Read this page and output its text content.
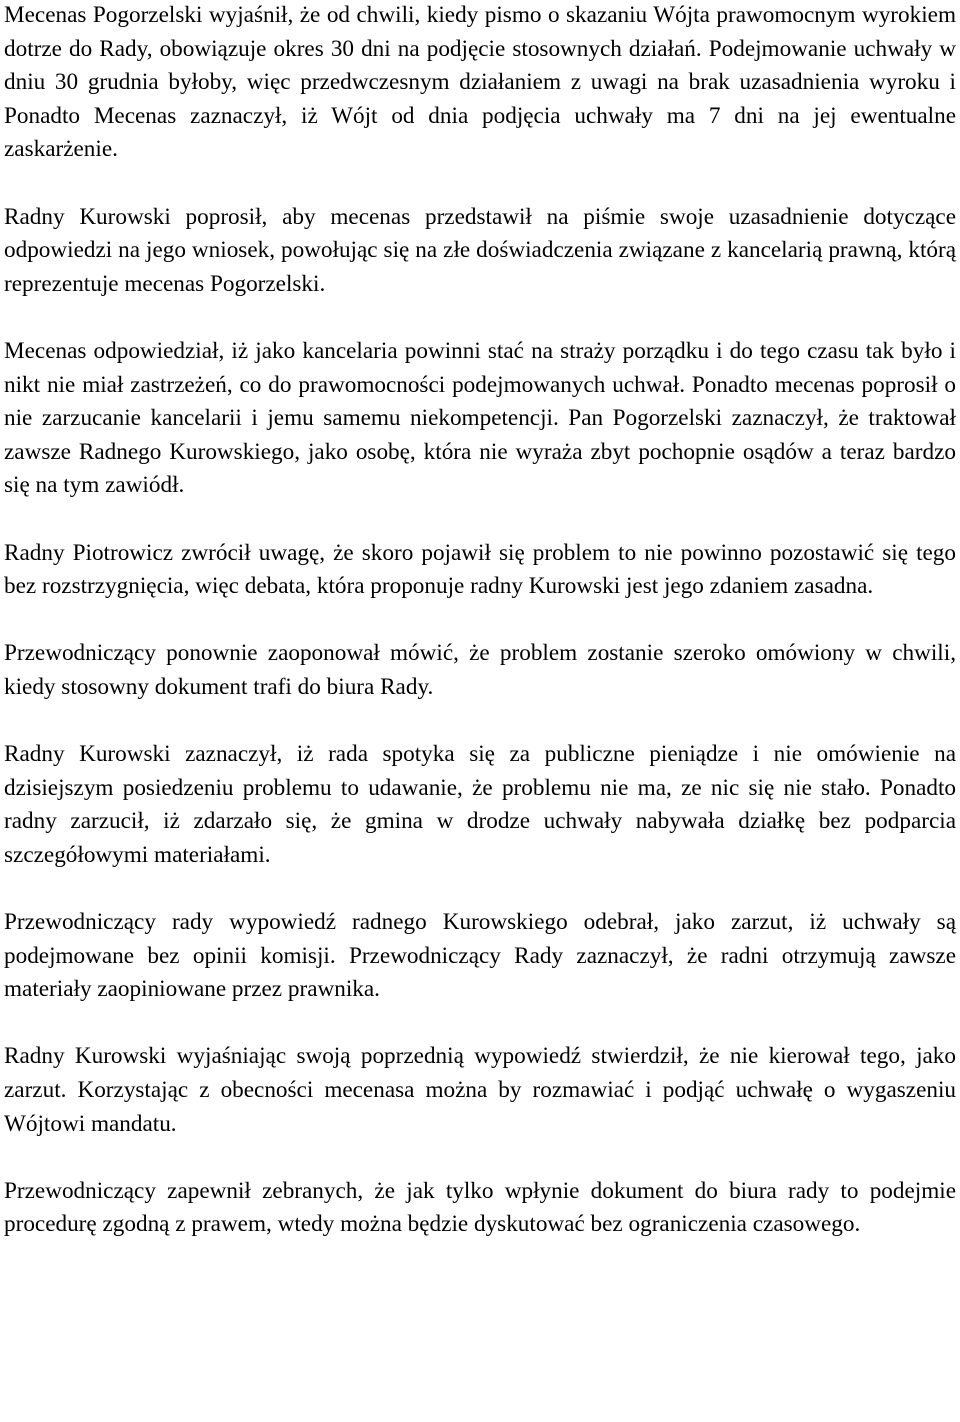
Mecenas Pogorzelski wyjaśnił, że od chwili, kiedy pismo o skazaniu Wójta prawomocnym wyrokiem dotrze do Rady, obowiązuje okres 30 dni na podjęcie stosownych działań. Podejmowanie uchwały w dniu 30 grudnia byłoby, więc przedwczesnym działaniem z uwagi na brak uzasadnienia wyroku i Ponadto Mecenas zaznaczył, iż Wójt od dnia podjęcia uchwały ma 7 dni na jej ewentualne zaskarżenie.

Radny Kurowski poprosił, aby mecenas przedstawił na piśmie swoje uzasadnienie dotyczące odpowiedzi na jego wniosek, powołując się na złe doświadczenia związane z kancelarią prawną, którą reprezentuje mecenas Pogorzelski.

Mecenas odpowiedział, iż jako kancelaria powinni stać na straży porządku i do tego czasu tak było i nikt nie miał zastrzeżeń, co do prawomocności podejmowanych uchwał. Ponadto mecenas poprosił o nie zarzucanie kancelarii i jemu samemu niekompetencji. Pan Pogorzelski zaznaczył, że traktował zawsze Radnego Kurowskiego, jako osobę, która nie wyraża zbyt pochopnie osądów a teraz bardzo się na tym zawiódł.

Radny Piotrowicz zwrócił uwagę, że skoro pojawił się problem to nie powinno pozostawić się tego bez rozstrzygnięcia, więc debata, która proponuje radny Kurowski jest jego zdaniem zasadna.

Przewodniczący ponownie zaoponował mówić, że problem zostanie szeroko omówiony w chwili, kiedy stosowny dokument trafi do biura Rady.

Radny Kurowski zaznaczył, iż rada spotyka się za publiczne pieniądze i nie omówienie na dzisiejszym posiedzeniu problemu to udawanie, że problemu nie ma, ze nic się nie stało. Ponadto radny zarzucił, iż zdarzało się, że gmina w drodze uchwały nabywała działkę bez podparcia szczegółowymi materiałami.

Przewodniczący rady wypowiedź radnego Kurowskiego odebrał, jako zarzut, iż uchwały są podejmowane bez opinii komisji. Przewodniczący Rady zaznaczył, że radni otrzymują zawsze materiały zaopiniowane przez prawnika.

Radny Kurowski wyjaśniając swoją poprzednią wypowiedź stwierdził, że nie kierował tego, jako zarzut. Korzystając z obecności mecenasa można by rozmawiać i podjąć uchwałę o wygaszeniu Wójtowi mandatu.

Przewodniczący zapewnił zebranych, że jak tylko wpłynie dokument do biura rady to podejmie procedurę zgodną z prawem, wtedy można będzie dyskutować bez ograniczenia czasowego.
